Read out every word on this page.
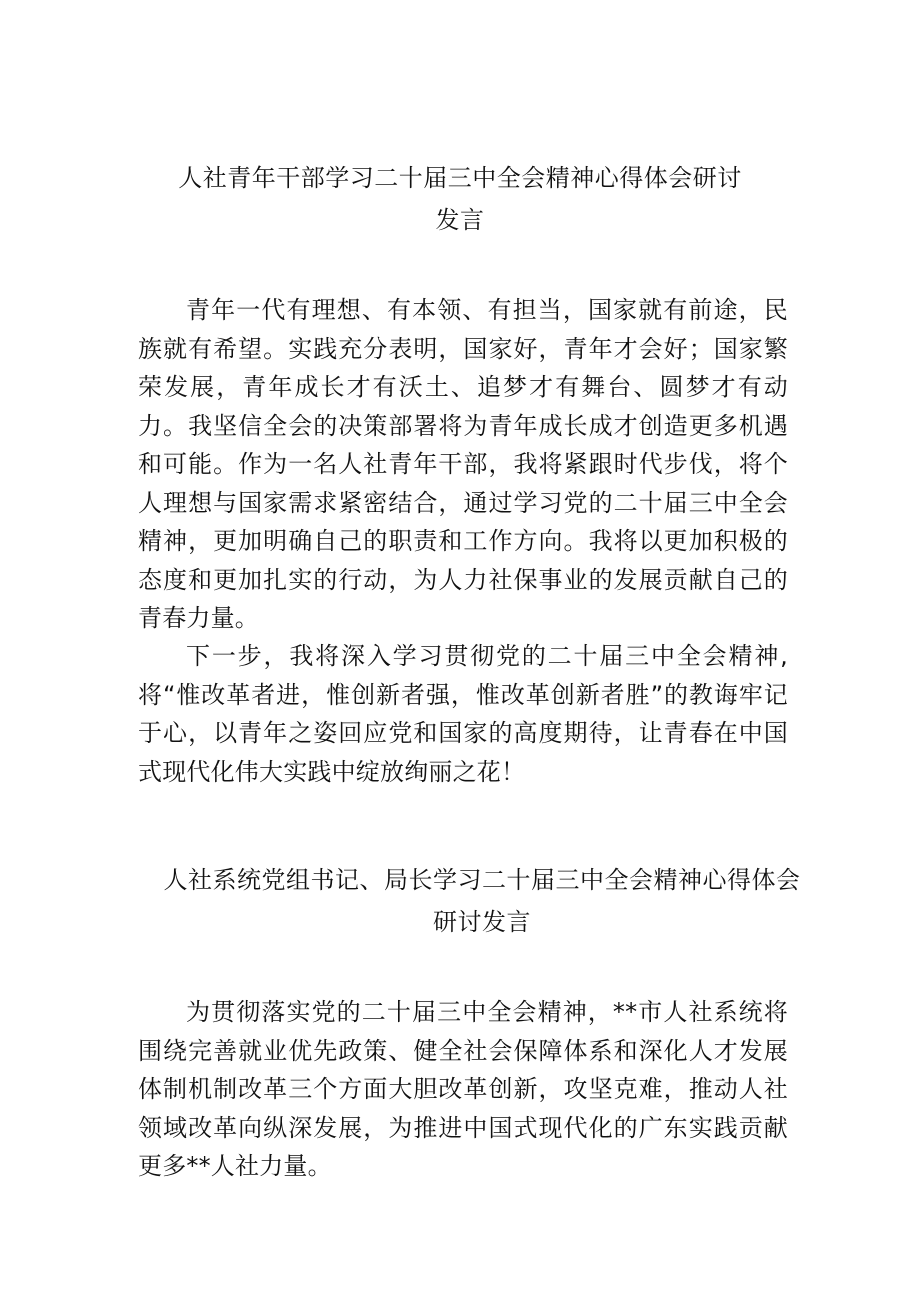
人社青年干部学习二十届三中全会精神心得体会研讨
发言

青年一代有理想、有本领、有担当，国家就有前途，民族就有希望。实践充分表明，国家好，青年才会好；国家繁荣发展，青年成长才有沃土、追梦才有舞台、圆梦才有动力。我坚信全会的决策部署将为青年成长成才创造更多机遇和可能。作为一名人社青年干部，我将紧跟时代步伐，将个人理想与国家需求紧密结合，通过学习党的二十届三中全会精神，更加明确自己的职责和工作方向。我将以更加积极的态度和更加扎实的行动，为人力社保事业的发展贡献自己的青春力量。

下一步，我将深入学习贯彻党的二十届三中全会精神,将“惟改革者进，惟创新者强，惟改革创新者胜”的教诲牢记于心，以青年之姿回应党和国家的高度期待，让青春在中国式现代化伟大实践中绽放绚丽之花！

人社系统党组书记、局长学习二十届三中全会精神心得体会
研讨发言

为贯彻落实党的二十届三中全会精神，**市人社系统将围绕完善就业优先政策、健全社会保障体系和深化人才发展体制机制改革三个方面大胆改革创新，攻坚克难，推动人社领域改革向纵深发展，为推进中国式现代化的广东实践贡献更多**人社力量。
